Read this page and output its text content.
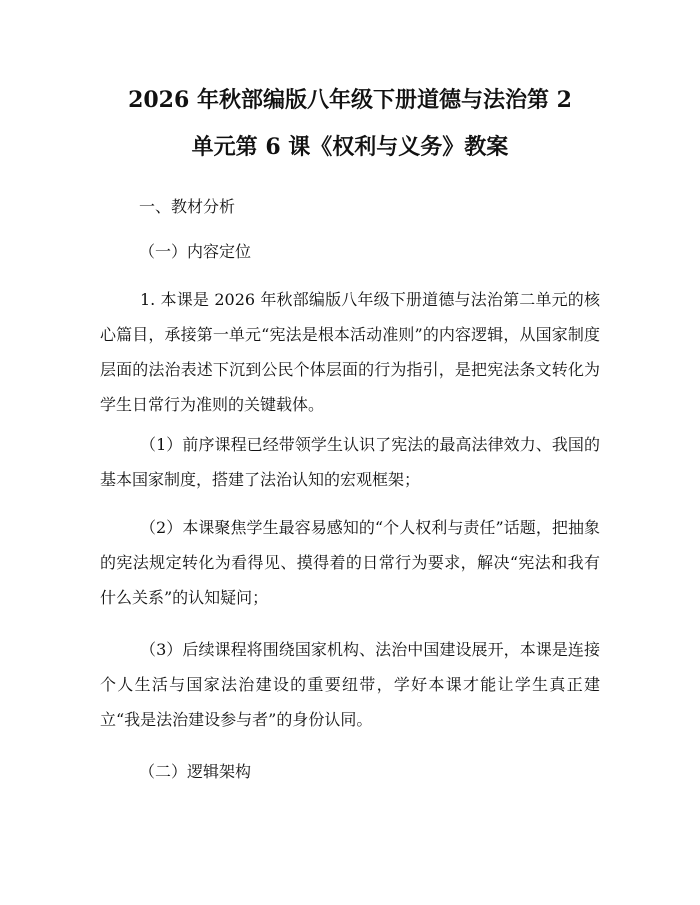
2026 年秋部编版八年级下册道德与法治第 2
单元第 6 课《权利与义务》教案
一、教材分析
（一）内容定位
1. 本课是 2026 年秋部编版八年级下册道德与法治第二单元的核心篇目，承接第一单元“宪法是根本活动准则”的内容逻辑，从国家制度层面的法治表述下沉到公民个体层面的行为指引，是把宪法条文转化为学生日常行为准则的关键载体。
（1）前序课程已经带领学生认识了宪法的最高法律效力、我国的基本国家制度，搭建了法治认知的宏观框架；
（2）本课聚焦学生最容易感知的“个人权利与责任”话题，把抽象的宪法规定转化为看得见、摸得着的日常行为要求，解决“宪法和我有什么关系”的认知疑问；
（3）后续课程将围绕国家机构、法治中国建设展开，本课是连接个人生活与国家法治建设的重要纽带，学好本课才能让学生真正建立“我是法治建设参与者”的身份认同。
（二）逻辑架构
